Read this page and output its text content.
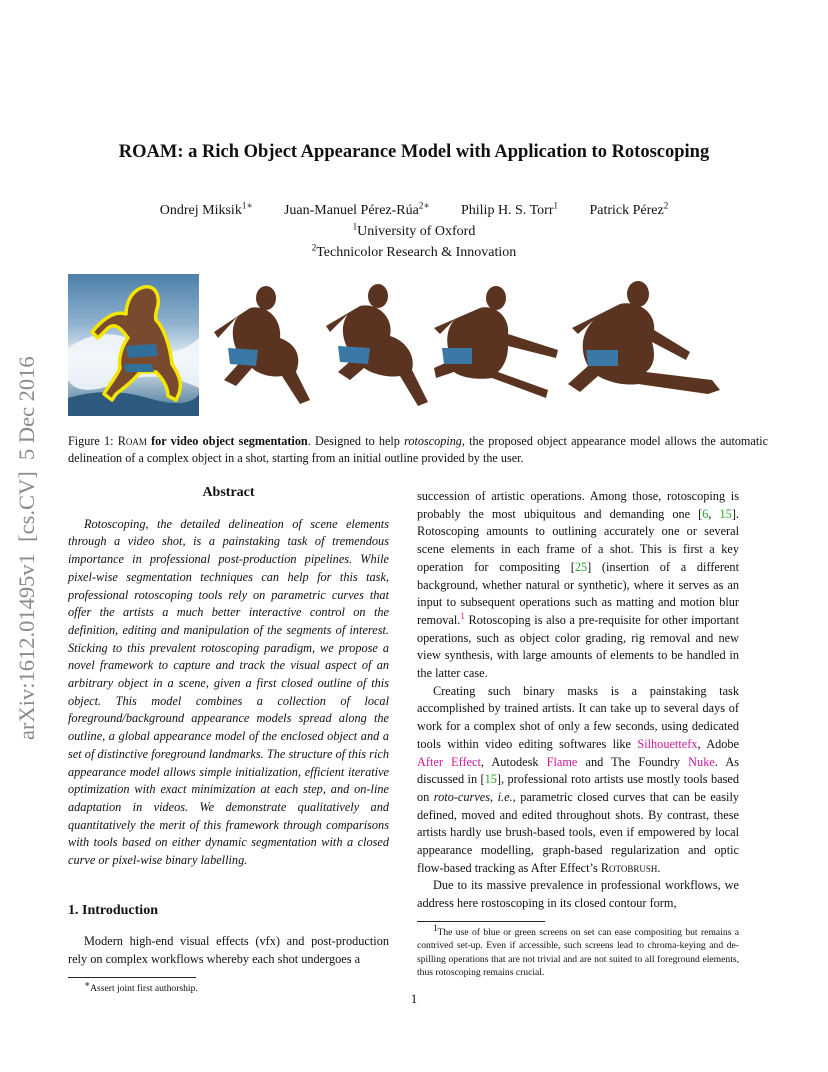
ROAM: a Rich Object Appearance Model with Application to Rotoscoping
Ondrej Miksik$^{1∗}$ Juan-Manuel Pérez-Rúa$^{2∗}$ Philip H. S. Torr$^1$ Patrick Pérez$^2$
$^1$University of Oxford
$^2$Technicolor Research & Innovation
arXiv:1612.01495v1  [cs.CV]  5 Dec 2016 Figure 1: Roam for video object segmentation. Designed to help rotoscoping, the proposed object appearance model allows the automatic delineation of a complex object in a shot, starting from an initial outline provided by the user.
Abstract

Rotoscoping, the detailed delineation of scene elements through a video shot, is a painstaking task of tremendous importance in professional post-production pipelines. While pixel-wise segmentation techniques can help for this task, professional rotoscoping tools rely on parametric curves that offer the artists a much better interactive control on the definition, editing and manipulation of the segments of interest. Sticking to this prevalent rotoscoping paradigm, we propose a novel framework to capture and track the visual aspect of an arbitrary object in a scene, given a first closed outline of this object. This model combines a collection of local foreground/background appearance models spread along the outline, a global appearance model of the enclosed object and a set of distinctive foreground landmarks. The structure of this rich appearance model allows simple initialization, efficient iterative optimization with exact minimization at each step, and on-line adaptation in videos. We demonstrate qualitatively and quantitatively the merit of this framework through comparisons with tools based on either dynamic segmentation with a closed curve or pixel-wise binary labelling.

1. Introduction

Modern high-end visual effects (vfx) and post-production rely on complex workflows whereby each shot undergoes a

∗Assert joint first authorship.

succession of artistic operations. Among those, rotoscoping is probably the most ubiquitous and demanding one [6, 15]. Rotoscoping amounts to outlining accurately one or several scene elements in each frame of a shot. This is first a key operation for compositing [25] (insertion of a different background, whether natural or synthetic), where it serves as an input to subsequent operations such as matting and motion blur removal.$^1$ Rotoscoping is also a pre-requisite for other important operations, such as object color grading, rig removal and new view synthesis, with large amounts of elements to be handled in the latter case.

Creating such binary masks is a painstaking task accomplished by trained artists. It can take up to several days of work for a complex shot of only a few seconds, using dedicated tools within video editing softwares like Silhouettefx, Adobe After Effect, Autodesk Flame and The Foundry Nuke. As discussed in [15], professional roto artists use mostly tools based on roto-curves, i.e., parametric closed curves that can be easily defined, moved and edited throughout shots. By contrast, these artists hardly use brush-based tools, even if empowered by local appearance modelling, graph-based regularization and optic flow-based tracking as After Effect’s Rotobrush.

Due to its massive prevalence in professional workflows, we address here rostoscoping in its closed contour form,

$^1$The use of blue or green screens on set can ease compositing but remains a contrived set-up. Even if accessible, such screens lead to chroma-keying and de-spilling operations that are not trivial and are not suited to all foreground elements, thus rotoscoping remains crucial.

1
